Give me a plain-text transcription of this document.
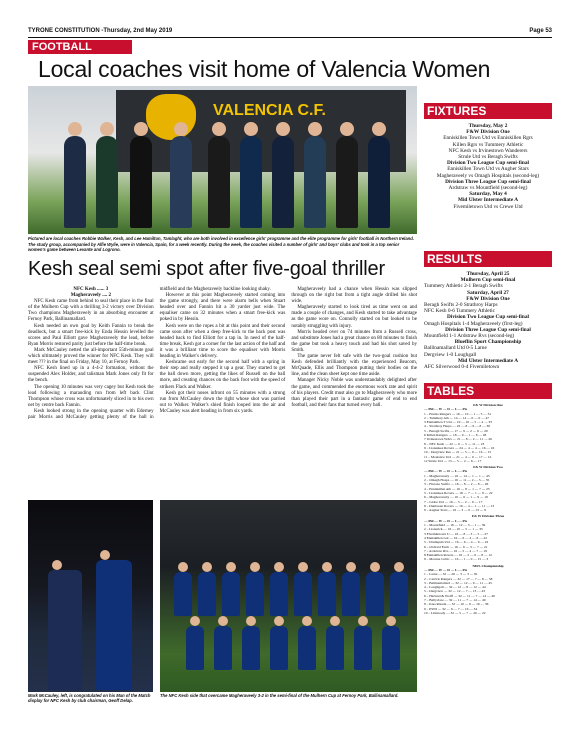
TYRONE CONSTITUTION -Thursday, 2nd May 2019	Page 53
FOOTBALL
Local coaches visit home of Valencia Women
VALENCIA C.F.
Pictured are local coaches Robbie Walker, Kesh, and Lee Hamilton, Tamlaght, who are both involved in excellence girls' programme and the elite programme for girls' football in Northern Ireland. The study group, accompanied by Alfie Wylie, were in Valencia, Spain, for a week recently. During the week, the coaches visited a number of girls' and boys' clubs and took in a top senior women's game between Levante and Logrono.
Kesh seal semi spot after five-goal thriller
NFC Kesh ...... 3
Magheraveely .... 2

NFC Kesh came from behind to seal their place in the final of the Mulhern Cup with a thrilling 3-2 victory over Division Two champions Magheraveely in an absorbing encounter at Fernoy Park, Ballinamallard.

Kesh needed an own goal by Keith Fannin to break the deadlock, but a smart free-kick by Enda Hessin levelled the scores and Paul Elliott gave Magheraveely the lead, before Ryan Morris restored parity just before the half-time break.

Mark McCauley netted the all-important 55th-minute goal which ultimately proved the winner for NFC Kesh. They will meet ??? in the final on Friday, May 10, at Fernoy Park.

NFC Kesh lined up in a 4-4-2 formation, without the suspended Alex Holder, and talisman Mark Jones only fit for the bench.

The opening 10 minutes was very cagey but Kesh took the lead following a marauding run from left back Clint Thompson whose cross was unfortunately sliced in to his own net by centre back Fannin.

Kesh looked strong in the opening quarter with Ederney pair Morris and McCauley getting plenty of the ball in midfield and the Magheraveely backline looking shaky.

However at this point Magheraveely started coming into the game strongly, and there were alarm bells when Stuart headed over and Fannin hit a 30 yarder just wide. The equaliser came on 32 minutes when a smart free-kick was poked in by Hessin.

Kesh were on the ropes a bit at this point and their second came soon after when a deep free-kick to the back post was headed back to find Elliott for a tap in. In need of the half-time break, Kesh got a corner for the last action of the half and it was a brilliant time to score the equaliser with Morris heading in Walker's delivery.

Keshcame out early for the second half with a spring in their step and really stepped it up a gear. They started to get the ball down more, getting the likes of Russell on the ball more, and creating chances on the back foot with the speed of strikers Flack and Walker.

Kesh got their noses infront on 55 minutes with a strong run from McCauley down the right whose shot was parried out to Walker. Walker's shied finish looped into the air and McCauley was alert heading in from six yards.

Magheraveely had a chance when Hessin was slipped through on the right but from a tight angle drilled his shot wide.

Magheraveely started to look tired as time went on and made a couple of changes, and Kesh started to take advantage as the game wore on. Connolly started on but looked to be notably struggling with injury.

Morris headed over on 74 minutes from a Russell cross, and substitute Jones had a great chance on 80 minutes to finish the game but took a heavy touch and had his shot saved by Smith.

The game never felt safe with the two-goal cushion but Kesh defended brilliantly with the experienced Beacom, McQuade, Ellis and Thompson putting their bodies on the line, and the clean sheet kept one time aside.

Manager Nicky Noble was understandably delighted after the game, and commended the enormous work rate and spirit of his players. Credit must also go to Magheraveely who more than played their part in a fantastic game of end to end football, and their fans that turned every ball.

Mark McCauley, left, is congratulated on his Man of the Match display for NFC Kesh by club chairman, Geoff Delap.
The NFC Kesh side that overcame Magheraveely 3-2 in the semi-final of the Mulhern Cup at Fernoy Park, Ballinamallard.
FIXTURES
Thursday, May 2
F&W Division One
Enniskillen Town Utd vs Enniskillen Rgrs
Killen Rgrs vs Tummery Athletic
NFC Kesh vs Irvinestown Wanderers
Strule Utd vs Beragh Swifts
Division Two League Cup semi-final
Enniskillen Town Utd vs Augher Stars
Magheraveely vs Omagh Hospitals (second-leg)
Division Three League Cup semi-final
Ardstraw vs Mountfield (second-leg)
Saturday, May 4
Mid Ulster Intermediate A
Fivemiletown Utd vs Crewe Utd
RESULTS
Thursday, April 25
Mulhern Cup semi-final
Tummery Athletic 2-1 Beragh Swifts
Saturday, April 27
F&W Division One
Beragh Swifts 2-0 Strathroy Harps
NFC Kesh 0-6 Tummery Athletic
Division Two League Cup semi-final
Omagh Hospitals 1-4 Magheraveely (first-leg)
Division Three League Cup semi-final
Mountfield 1-1 Ardstraw Rvs (second-leg)
Blueflin Sport Championship
Ballinamallard Utd 0-5 Larne
Dergview 1-0 Loughgall
Mid Ulster Intermediate A
AFC Silverwood 0-4 Fivemiletown
TABLES
F& W Division One
.... Pld .... W .... D .... L .... Pts
1 .. Enniss Rangers .... 16 .... 10 .... 1 .... 5 .... 31
2 .. Tummery Ath .... 14 .... 14 .... 0 .... 0 .... 47
3 Enniskillen T Utd .... 19 .... 10 .... 5 .... 4 .... 33
4 .. Strathroy Harps .... 22 .... 8 .... 6 .... 8 .... 30
5 .. Beragh Swifts .... 17 .... 9 .... 2 .... 6 .... 29
6 Killen Rangers .... 18 .... 9 .... 1 .... 8 .... 28
7 Irvinestown Wdrs .... 21 .... 8 .... 2 .... 11 .... 26
8 .. NFC Kesh .... 22 .... 6 .... 5 .... 11 .... 23
9 .. Lisnaskea Rovers .... 24 .... 4 .... 4 .... 16 .... 16
10 .. Dergview Res .... 21 .... 5 .... 0 .... 16 .... 15
11 .. Moutstew Utd .... 21 .... 4 .... 0 .... 17 .... 12
12 Strule Utd .... 13 .... 5 .... 2 .... 6 .... 17
F& W Division Two
.... Pld .... W .... D .... L .... Pts
1 .. Magheraveely .... 16 .... 14 .... 1 .... 1 .... 43
2 .. Omagh Hosps .... 16 .... 11 .... 2 .... 3 .... 35
3 .. Fintona Swifts .... 18 .... 8 .... 2 .... 8 .... 26
4 .. Enniskillen Ath .... 16 .... 8 .... 1 .... 7 .... 25
5 .. Lisnaskea Rovers .... 16 .... 7 .... 1 .... 8 .... 22
6 .. Magheraveely .... 16 .... 6 .... 1 .... 9 .... 19
7 .. Globe Utd .... 16 .... 5 .... 2 .... 9 .... 17
8 .. Dunbreen Rovers .... 16 .... 4 .... 1 .... 11 .... 13
9 .. Augher Stars .... 16 .... 3 .... 0 .... 13 .... 9
F& W Division Three
.... Pld .... W .... D .... L .... Pts
1 .. Mountfield .... 16 .... 12 .... 3 .... 1 .... 39
2 .. Lisnarick .... 16 .... 10 .... 5 .... 1 .... 35
3 Fivemiletown U .... 16 .... 8 .... 3 .... 5 .... 27
4 Enniskillen Gal .... 16 .... 6 .... 4 .... 6 .... 22
5 .. Drumquin Utd .... 16 .... 6 .... 4 .... 6 .... 22
6 .. Orchard Farm .... 16 .... 6 .... 3 .... 7 .... 21
7 .. Ardstraw Rvs .... 16 .... 5 .... 4 .... 7 .... 19
8 Enniskillen Rovers .... 16 .... 2 .... 6 .... 8 .... 12
9 .. Mourne Celtic .... 16 .... 1 .... 0 .... 15 .... 3
NIFL Championship
.... Pld .... W .... D .... L .... Pts
1 .. Larne .... 32 .... 26 .... 3 .... 3 .... 81
2 .. Carrick Rangers .... 32 .... 17 .... 7 .... 8 .... 58
3 .. Ballinamallard .... 32 .... 12 .... 9 .... 11 .... 45
4 .. Loughgall .... 32 .... 12 .... 8 .... 12 .... 44
5 .. Dergview .... 32 .... 12 .... 7 .... 13 .... 43
6 .. Harland & Wolff .... 32 .... 11 .... 7 .... 14 .... 40
7 .. Ballyclare .... 32 .... 11 .... 7 .... 14 .... 40
8 .. Knockbreda .... 32 .... 10 .... 6 .... 16 .... 36
9 .. PSNI .... 32 .... 9 .... 7 .... 16 .... 34
10 .. Limavady .... 32 .... 5 .... 7 .... 20 .... 22
